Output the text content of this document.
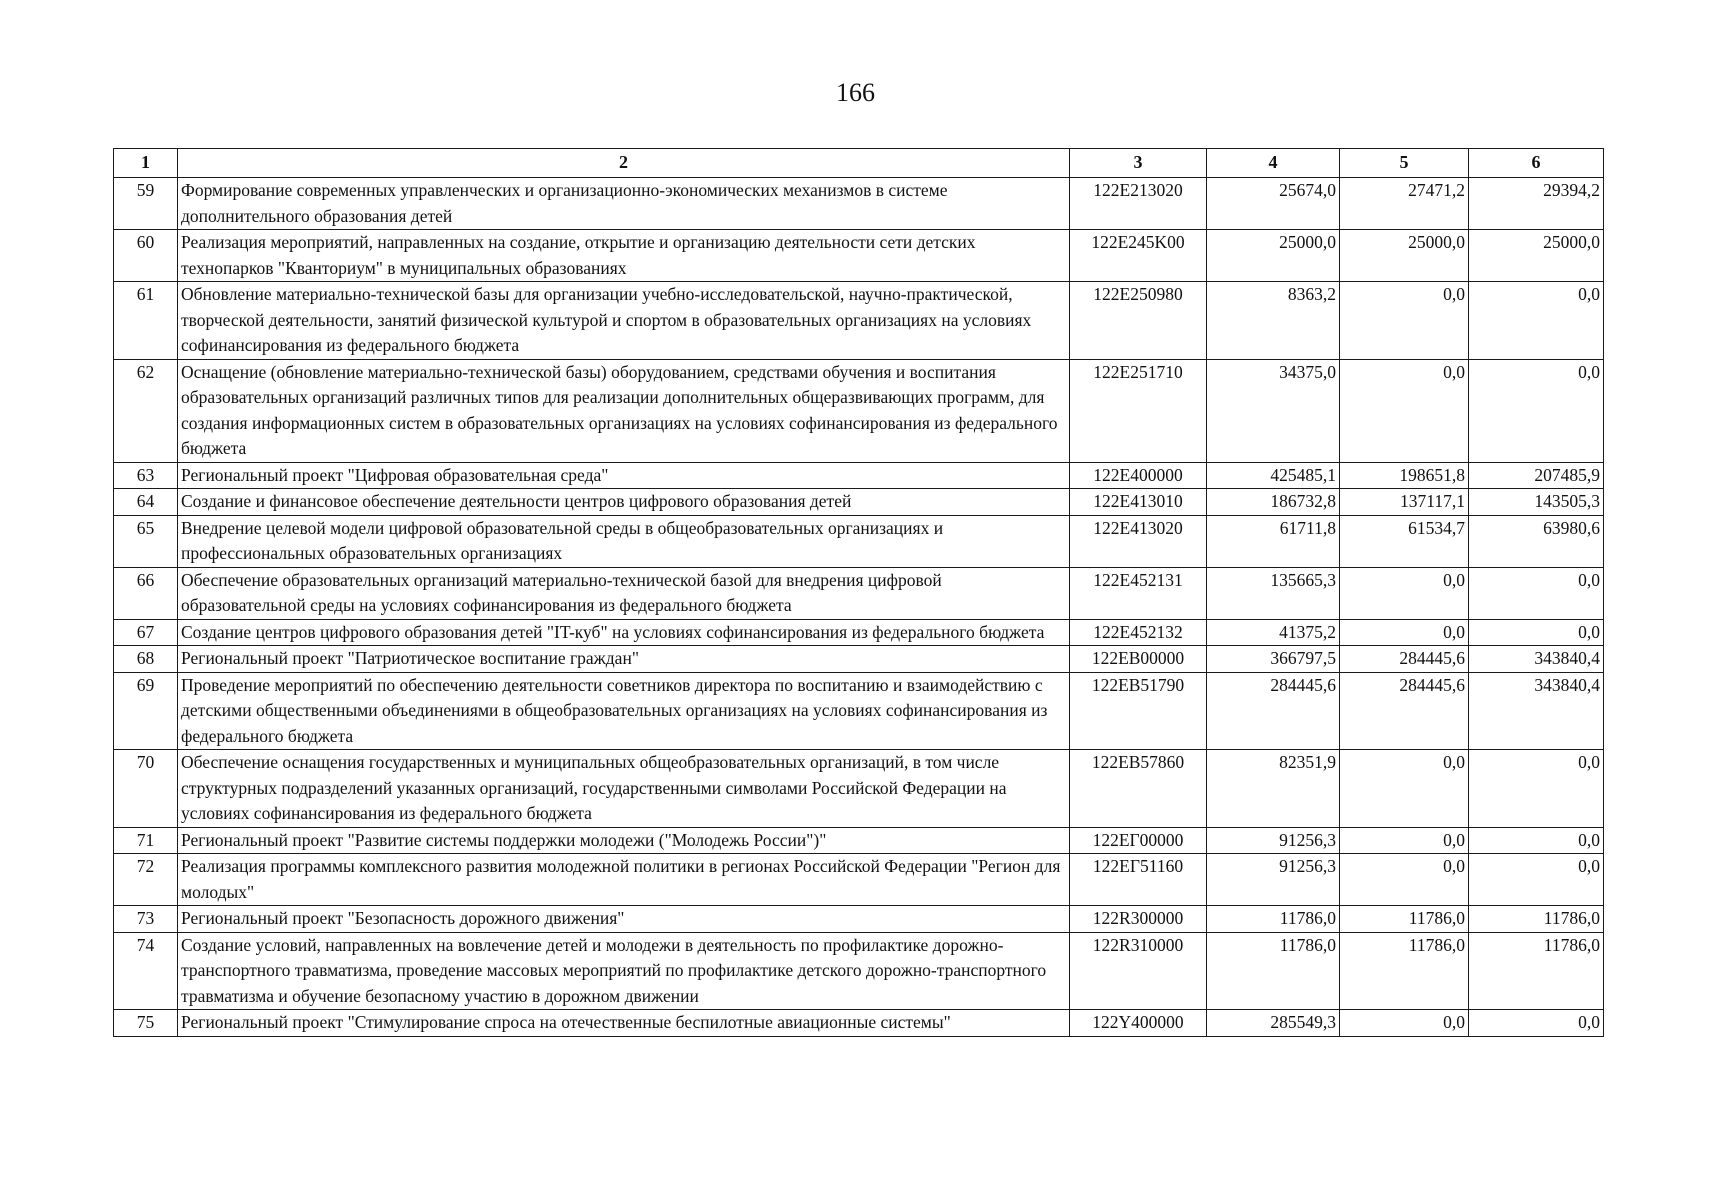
166
1	2	3	4	5	6
59	Формирование современных управленческих и организационно-экономических механизмов в системе дополнительного образования детей	122E213020	25674,0	27471,2	29394,2
60	Реализация мероприятий, направленных на создание, открытие и организацию деятельности сети детских технопарков "Кванториум" в муниципальных образованиях	122E245K00	25000,0	25000,0	25000,0
61	Обновление материально-технической базы для организации учебно-исследовательской, научно-практической, творческой деятельности, занятий физической культурой и спортом в образовательных организациях на условиях софинансирования из федерального бюджета	122E250980	8363,2	0,0	0,0
62	Оснащение (обновление материально-технической базы) оборудованием, средствами обучения и воспитания образовательных организаций различных типов для реализации дополнительных общеразвивающих программ, для создания информационных систем в образовательных организациях на условиях софинансирования из федерального бюджета	122E251710	34375,0	0,0	0,0
63	Региональный проект "Цифровая образовательная среда"	122E400000	425485,1	198651,8	207485,9
64	Создание и финансовое обеспечение деятельности центров цифрового образования детей	122E413010	186732,8	137117,1	143505,3
65	Внедрение целевой модели цифровой образовательной среды в общеобразовательных организациях и профессиональных образовательных организациях	122E413020	61711,8	61534,7	63980,6
66	Обеспечение образовательных организаций материально-технической базой для внедрения цифровой образовательной среды на условиях софинансирования из федерального бюджета	122E452131	135665,3	0,0	0,0
67	Создание центров цифрового образования детей "IT-куб" на условиях софинансирования из федерального бюджета	122E452132	41375,2	0,0	0,0
68	Региональный проект "Патриотическое воспитание граждан"	122EB00000	366797,5	284445,6	343840,4
69	Проведение мероприятий по обеспечению деятельности советников директора по воспитанию и взаимодействию с детскими общественными объединениями в общеобразовательных организациях на условиях софинансирования из федерального бюджета	122EB51790	284445,6	284445,6	343840,4
70	Обеспечение оснащения государственных и муниципальных общеобразовательных организаций, в том числе структурных подразделений указанных организаций, государственными символами Российской Федерации на условиях софинансирования из федерального бюджета	122EB57860	82351,9	0,0	0,0
71	Региональный проект "Развитие системы поддержки молодежи ("Молодежь России")"	122EГ00000	91256,3	0,0	0,0
72	Реализация программы комплексного развития молодежной политики в регионах Российской Федерации "Регион для молодых"	122EГ51160	91256,3	0,0	0,0
73	Региональный проект "Безопасность дорожного движения"	122R300000	11786,0	11786,0	11786,0
74	Создание условий, направленных на вовлечение детей и молодежи в деятельность по профилактике дорожно-транспортного травматизма, проведение массовых мероприятий по профилактике детского дорожно-транспортного травматизма и обучение безопасному участию в дорожном движении	122R310000	11786,0	11786,0	11786,0
75	Региональный проект "Стимулирование спроса на отечественные беспилотные авиационные системы"	122Y400000	285549,3	0,0	0,0
